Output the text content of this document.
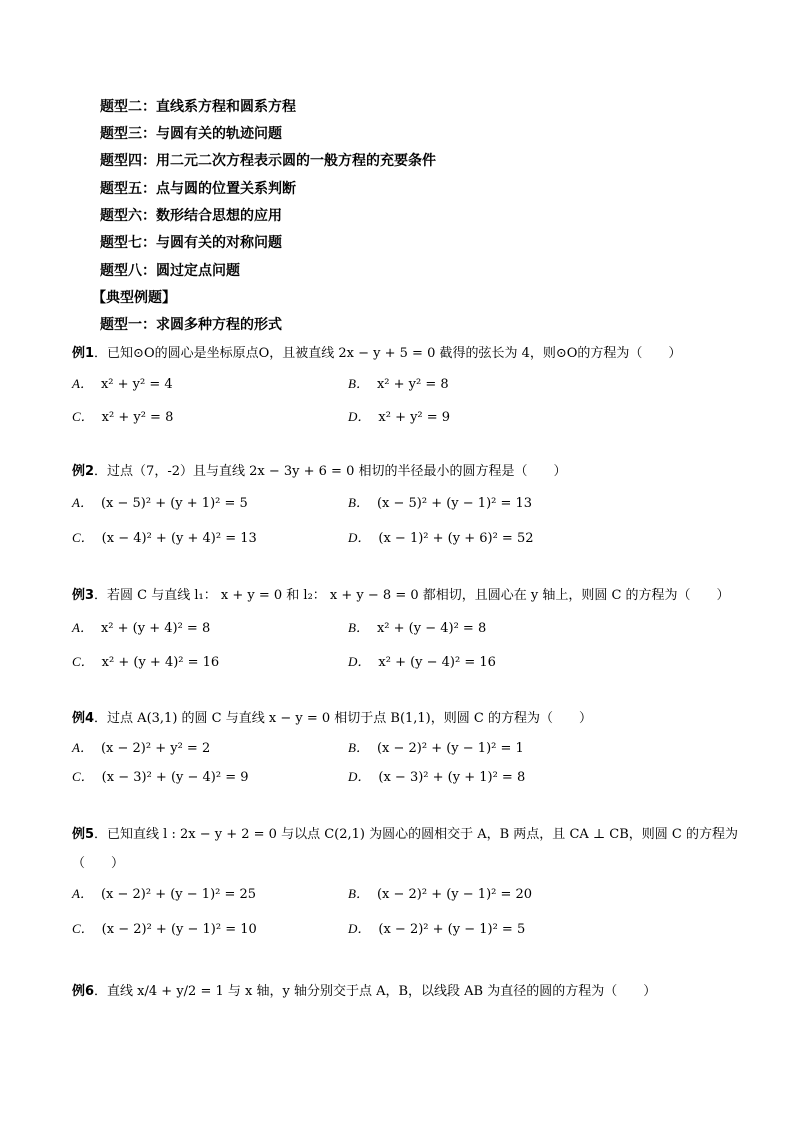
题型二：直线系方程和圆系方程
题型三：与圆有关的轨迹问题
题型四：用二元二次方程表示圆的一般方程的充要条件
题型五：点与圆的位置关系判断
题型六：数形结合思想的应用
题型七：与圆有关的对称问题
题型八：圆过定点问题
【典型例题】
题型一：求圆多种方程的形式
例1．已知⊙O的圆心是坐标原点O，且被直线 2x − y + 5 = 0 截得的弦长为 4，则⊙O的方程为（　　）
A． x² + y² = 4	B． x² + y² = 8
C． x² + y² = 8	D． x² + y² = 9
例2．过点（7，-2）且与直线 2x − 3y + 6 = 0 相切的半径最小的圆方程是（　　）
A． (x − 5)² + (y + 1)² = 5	B． (x − 5)² + (y − 1)² = 13
C． (x − 4)² + (y + 4)² = 13	D． (x − 1)² + (y + 6)² = 52
例3．若圆 C 与直线 l₁： x + y = 0 和 l₂： x + y − 8 = 0 都相切，且圆心在 y 轴上，则圆 C 的方程为（　　）
A． x² + (y + 4)² = 8	B． x² + (y − 4)² = 8
C． x² + (y + 4)² = 16	D． x² + (y − 4)² = 16
例4．过点 A(3,1) 的圆 C 与直线 x − y = 0 相切于点 B(1,1)，则圆 C 的方程为（　　）
A． (x − 2)² + y² = 2	B． (x − 2)² + (y − 1)² = 1
C． (x − 3)² + (y − 4)² = 9	D． (x − 3)² + (y + 1)² = 8
例5．已知直线 l : 2x − y + 2 = 0 与以点 C(2,1) 为圆心的圆相交于 A，B 两点，且 CA ⊥ CB，则圆 C 的方程为
（　　）
A． (x − 2)² + (y − 1)² = 25	B． (x − 2)² + (y − 1)² = 20
C． (x − 2)² + (y − 1)² = 10	D． (x − 2)² + (y − 1)² = 5
例6．直线 x/4 + y/2 = 1 与 x 轴，y 轴分别交于点 A，B，以线段 AB 为直径的圆的方程为（　　）
